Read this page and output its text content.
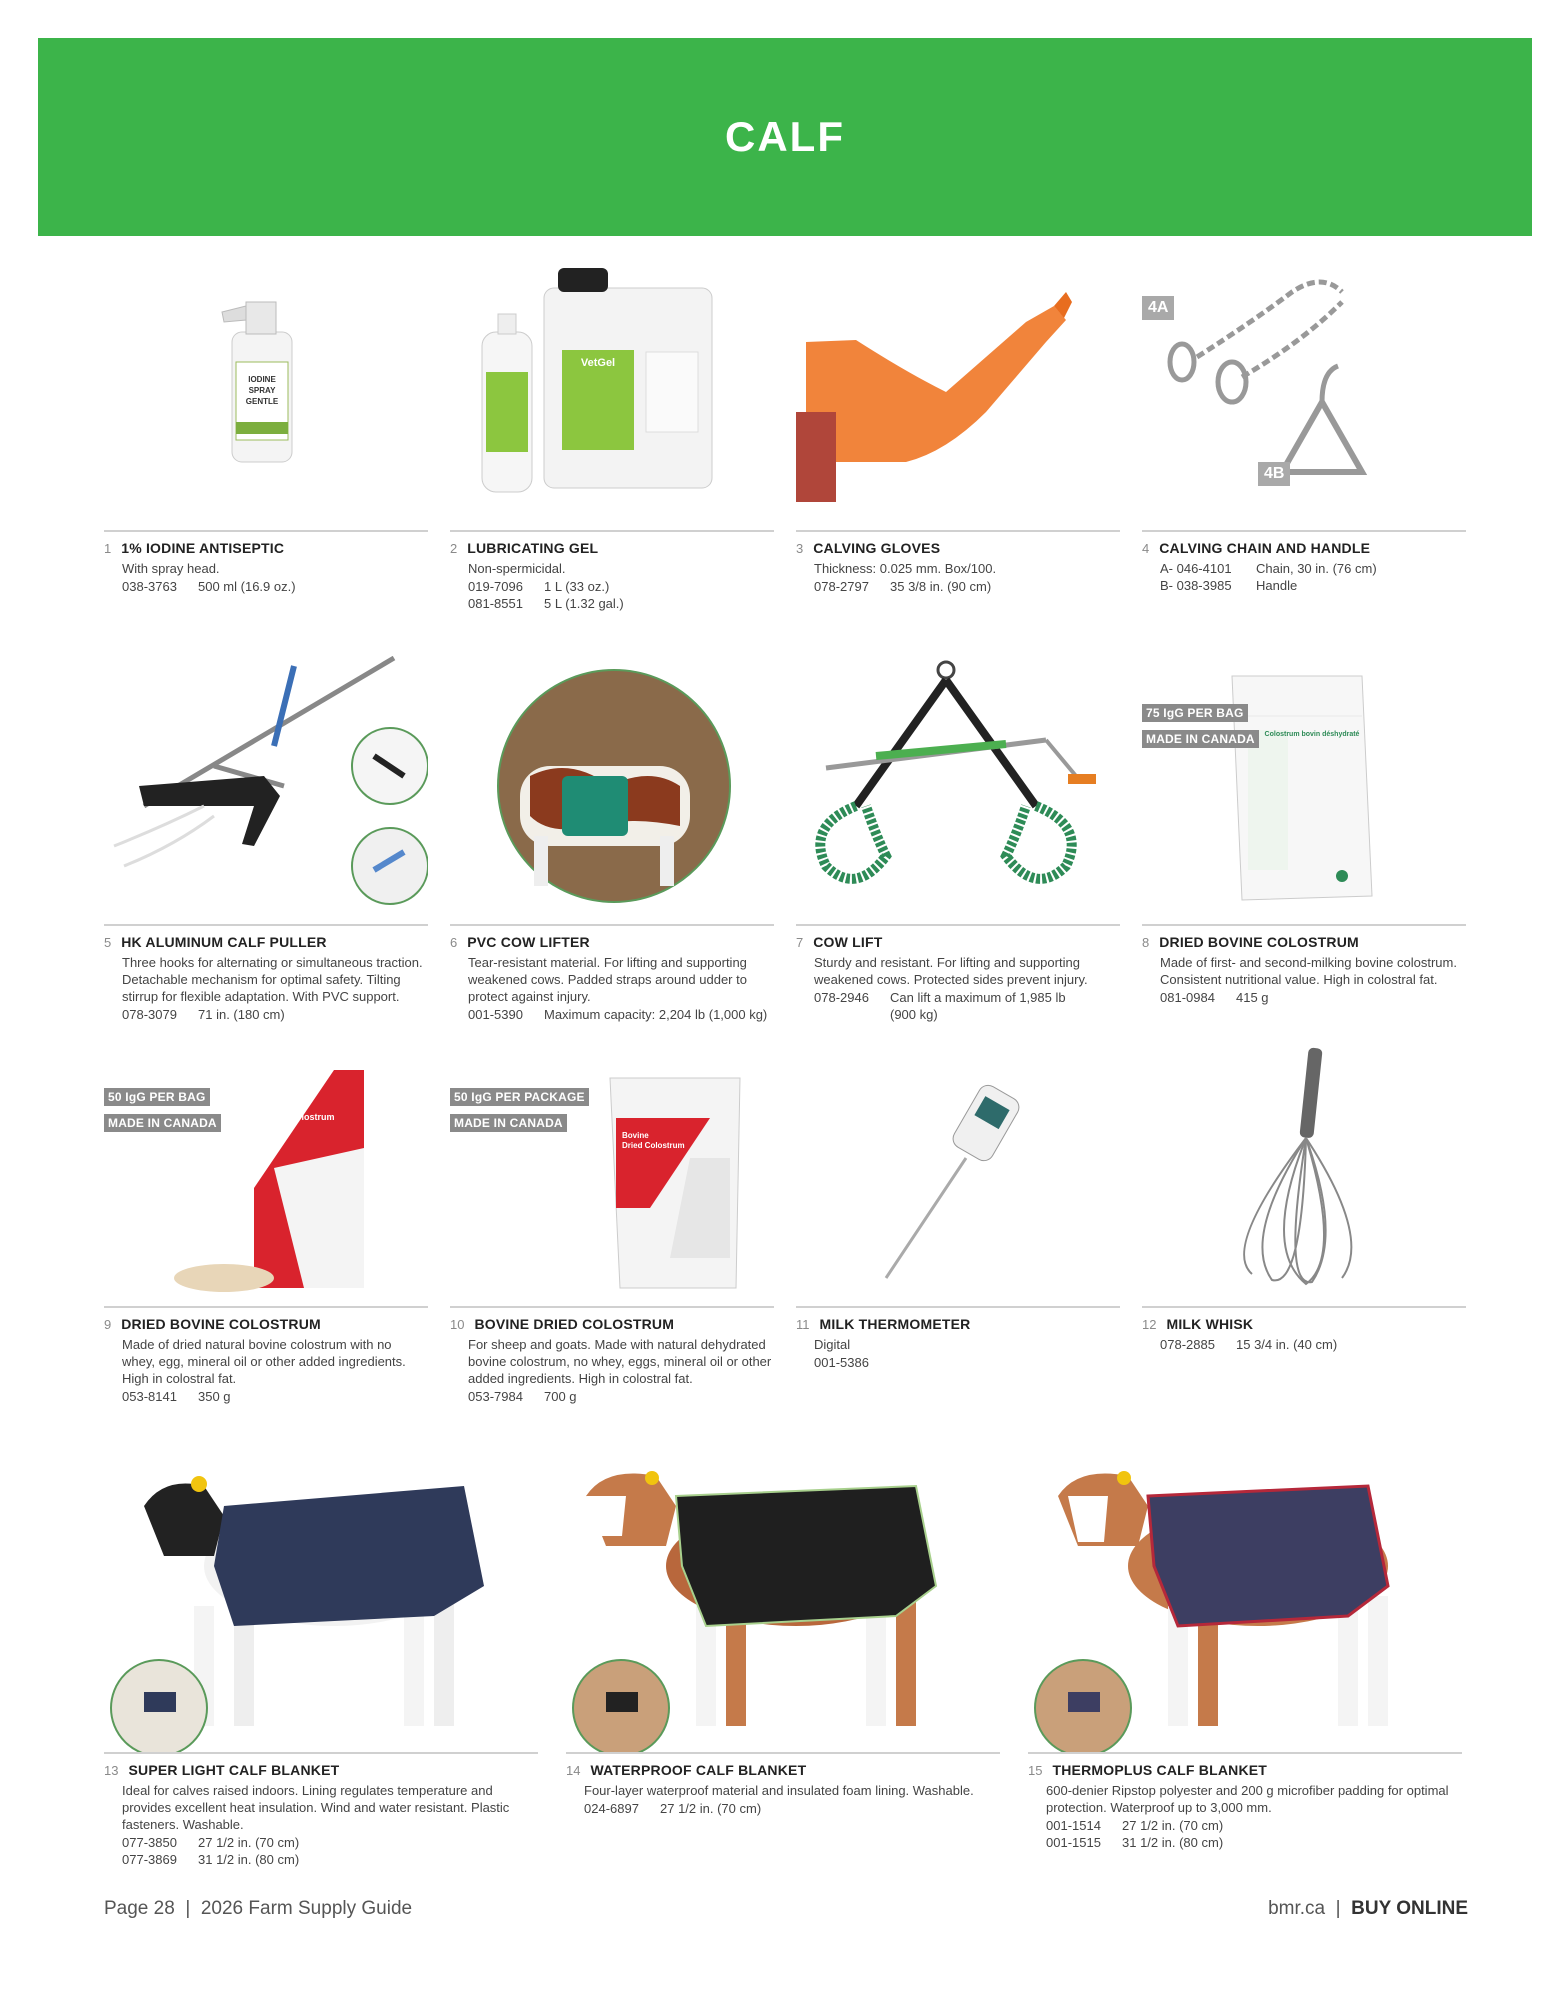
CALF
IODINE
SPRAY
GENTLE
1 1% IODINE ANTISEPTIC
With spray head.
038-3763	500 ml (16.9 oz.)
VetGel
2 LUBRICATING GEL
Non-spermicidal.
019-7096	1 L (33 oz.)
081-8551	5 L (1.32 gal.)
3 CALVING GLOVES
Thickness: 0.025 mm. Box/100.
078-2797	35 3/8 in. (90 cm)
4A
4B
4 CALVING CHAIN AND HANDLE
A- 046-4101	Chain, 30 in. (76 cm)
B- 038-3985	Handle
5 HK ALUMINUM CALF PULLER
Three hooks for alternating or simultaneous traction. Detachable mechanism for optimal safety. Tilting stirrup for flexible adaptation. With PVC support.
078-3079	71 in. (180 cm)
6 PVC COW LIFTER
Tear-resistant material. For lifting and supporting weakened cows. Padded straps around udder to protect against injury.
001-5390	Maximum capacity: 2,204 lb (1,000 kg)
7 COW LIFT
Sturdy and resistant. For lifting and supporting weakened cows. Protected sides prevent injury.
078-2946	Can lift a maximum of 1,985 lb (900 kg)
75 IgG PER BAG
MADE IN CANADA	Colostrum bovin déshydraté
8 DRIED BOVINE COLOSTRUM
Made of first- and second-milking bovine colostrum. Consistent nutritional value. High in colostral fat.
081-0984	415 g
50 IgG PER BAG
MADE IN CANADA
Bovine
Dried Colostrum
9 DRIED BOVINE COLOSTRUM
Made of dried natural bovine colostrum with no whey, egg, mineral oil or other added ingredients. High in colostral fat.
053-8141	350 g
50 IgG PER PACKAGE
MADE IN CANADA
Bovine
Dried Colostrum
10 BOVINE DRIED COLOSTRUM
For sheep and goats. Made with natural dehydrated bovine colostrum, no whey, eggs, mineral oil or other added ingredients. High in colostral fat.
053-7984	700 g
11 MILK THERMOMETER
Digital
001-5386
12 MILK WHISK
078-2885	15 3/4 in. (40 cm)
13 SUPER LIGHT CALF BLANKET
Ideal for calves raised indoors. Lining regulates temperature and provides excellent heat insulation. Wind and water resistant. Plastic fasteners. Washable.
077-3850	27 1/2 in. (70 cm)
077-3869	31 1/2 in. (80 cm)
14 WATERPROOF CALF BLANKET
Four-layer waterproof material and insulated foam lining. Washable.
024-6897	27 1/2 in. (70 cm)
15 THERMOPLUS CALF BLANKET
600-denier Ripstop polyester and 200 g microfiber padding for optimal protection. Waterproof up to 3,000 mm.
001-1514	27 1/2 in. (70 cm)
001-1515	31 1/2 in. (80 cm)
Page 28  |  2026 Farm Supply Guide	bmr.ca  |  BUY ONLINE
